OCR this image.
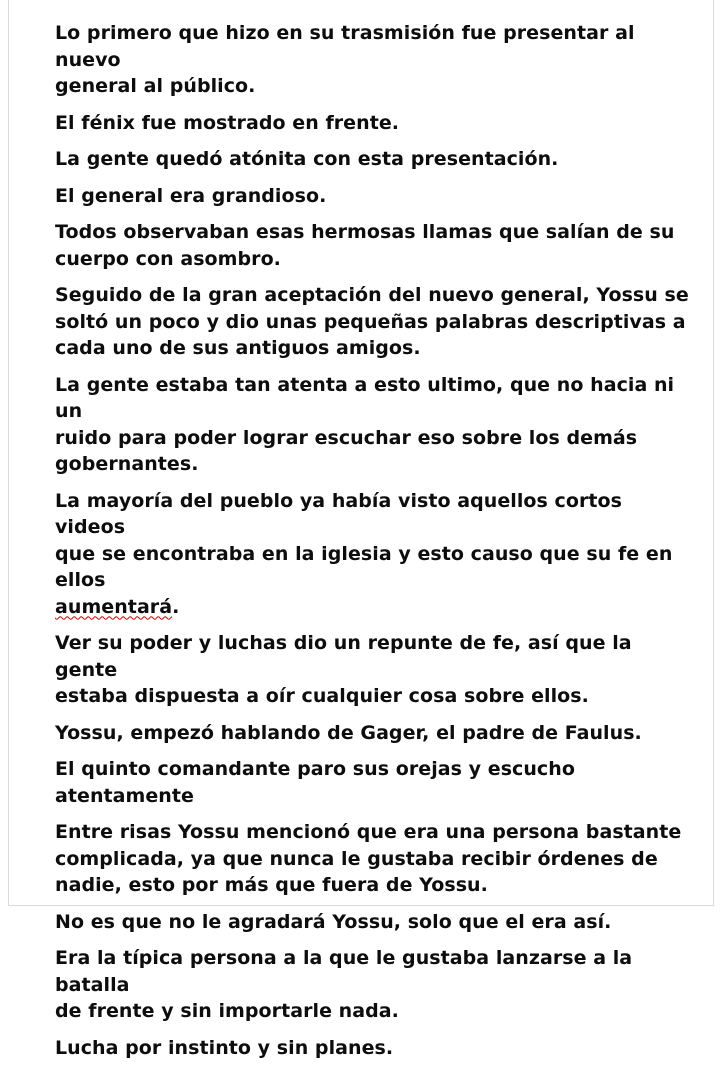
Lo primero que hizo en su trasmisión fue presentar al nuevo
general al público.

El fénix fue mostrado en frente.

La gente quedó atónita con esta presentación.

El general era grandioso.

Todos observaban esas hermosas llamas que salían de su
cuerpo con asombro.

Seguido de la gran aceptación del nuevo general, Yossu se
soltó un poco y dio unas pequeñas palabras descriptivas a
cada uno de sus antiguos amigos.

La gente estaba tan atenta a esto ultimo, que no hacia ni un
ruido para poder lograr escuchar eso sobre los demás
gobernantes.

La mayoría del pueblo ya había visto aquellos cortos videos
que se encontraba en la iglesia y esto causo que su fe en ellos
aumentará.

Ver su poder y luchas dio un repunte de fe, así que la gente
estaba dispuesta a oír cualquier cosa sobre ellos.

Yossu, empezó hablando de Gager, el padre de Faulus.

El quinto comandante paro sus orejas y escucho atentamente

Entre risas Yossu mencionó que era una persona bastante
complicada, ya que nunca le gustaba recibir órdenes de
nadie, esto por más que fuera de Yossu.

No es que no le agradará Yossu, solo que el era así.

Era la típica persona a la que le gustaba lanzarse a la batalla
de frente y sin importarle nada.

Lucha por instinto y sin planes.
